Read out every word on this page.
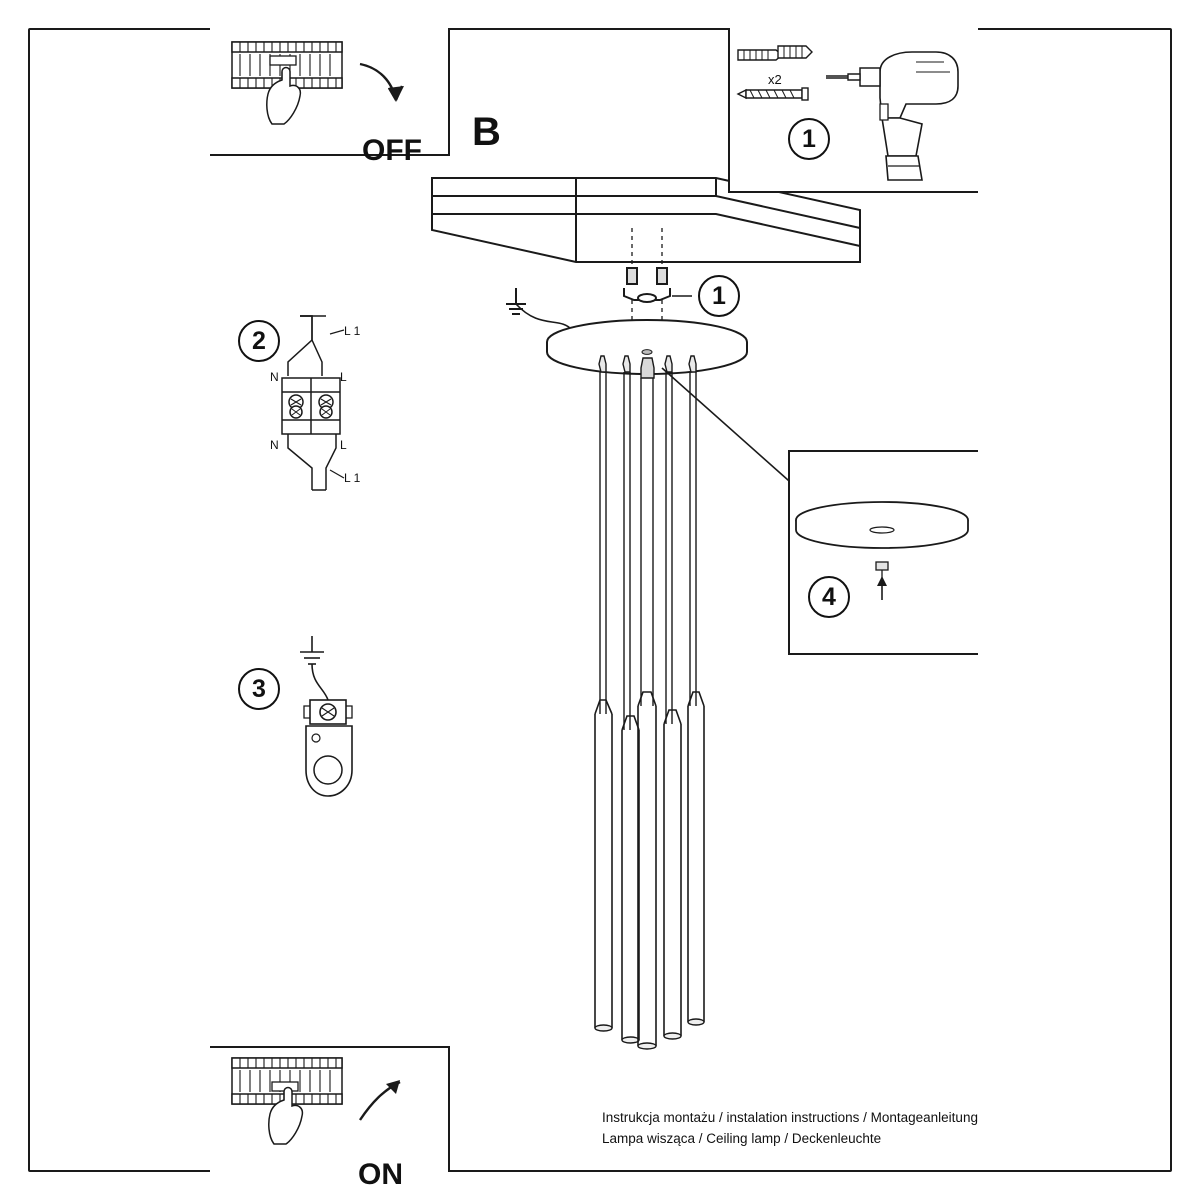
B
1
OFF
x2
1
4
2	L 1
N	L
N	L
L 1
3
ON
Instrukcja montażu / instalation instructions / Montageanleitung
Lampa wisząca / Ceiling lamp / Deckenleuchte
